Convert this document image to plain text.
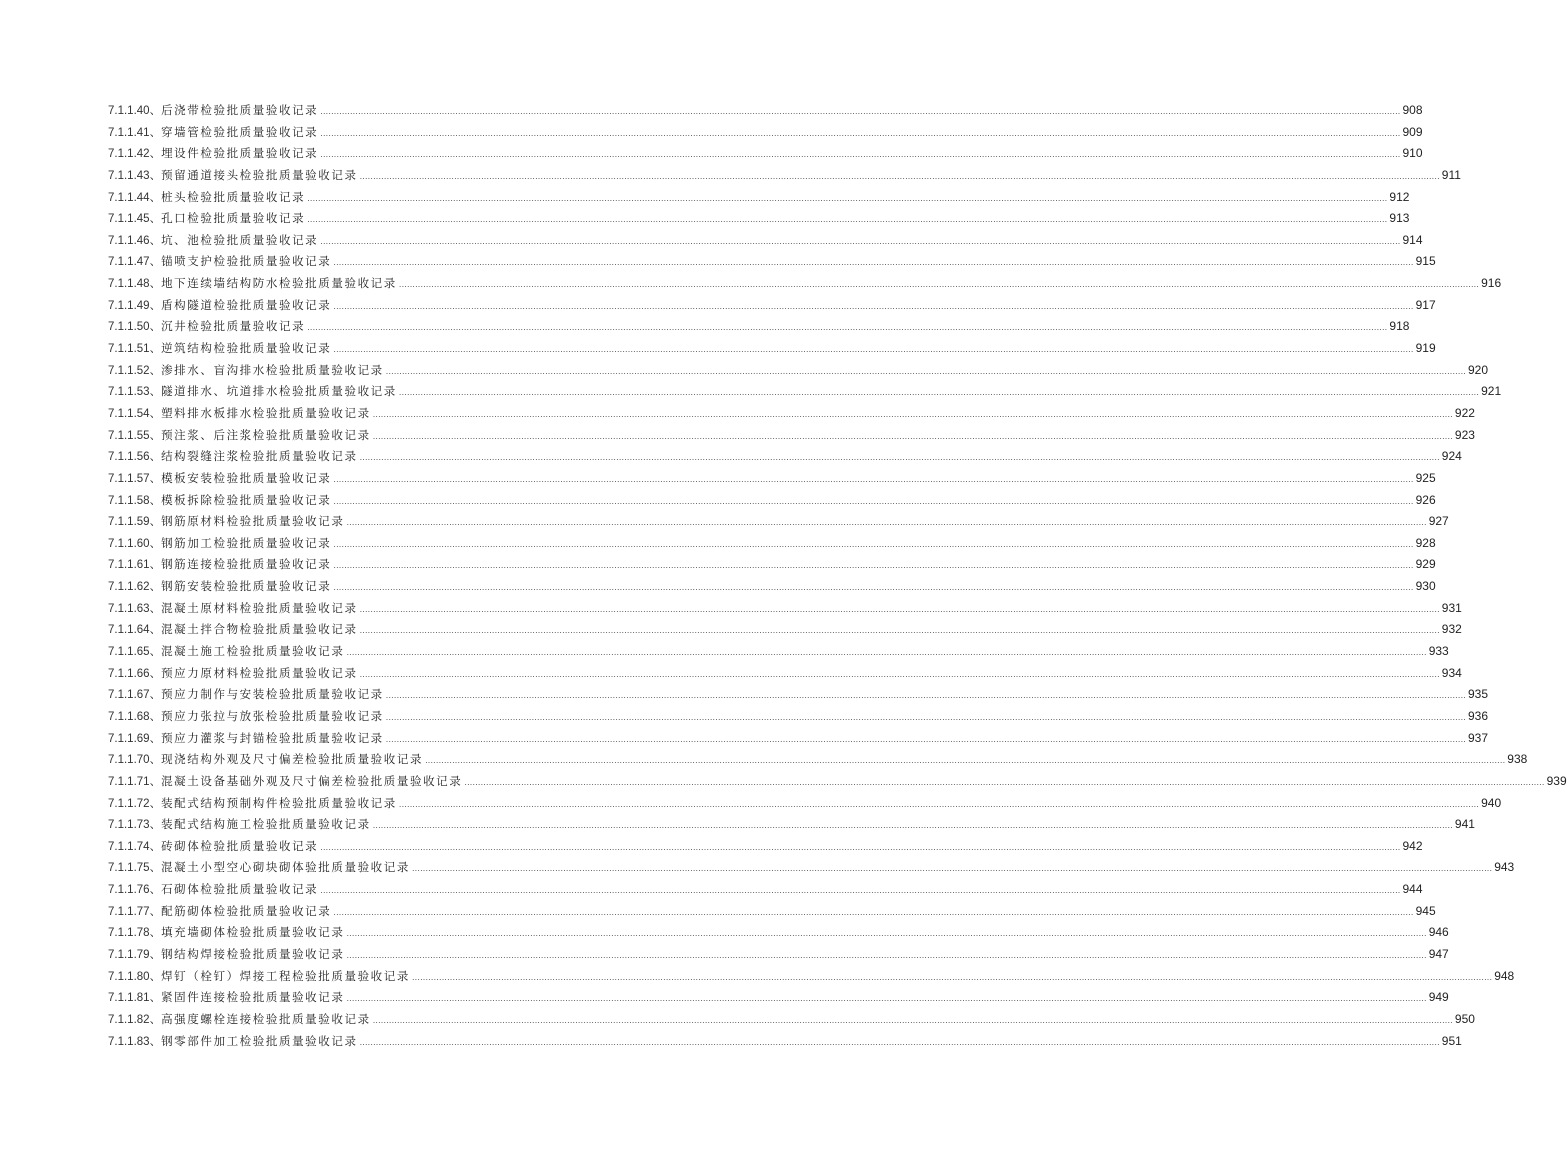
7.1.1.40、 后浇带检验批质量验收记录 ................................................................................................................................................................................................................................................................................................................................................................................................................ 908
7.1.1.41、 穿墙管检验批质量验收记录 ................................................................................................................................................................................................................................................................................................................................................................................................................ 909
7.1.1.42、 埋设件检验批质量验收记录 ................................................................................................................................................................................................................................................................................................................................................................................................................ 910
7.1.1.43、 预留通道接头检验批质量验收记录 ................................................................................................................................................................................................................................................................................................................................................................................................................ 911
7.1.1.44、 桩头检验批质量验收记录 ................................................................................................................................................................................................................................................................................................................................................................................................................ 912
7.1.1.45、 孔口检验批质量验收记录 ................................................................................................................................................................................................................................................................................................................................................................................................................ 913
7.1.1.46、 坑、池检验批质量验收记录 ................................................................................................................................................................................................................................................................................................................................................................................................................ 914
7.1.1.47、 锚喷支护检验批质量验收记录 ................................................................................................................................................................................................................................................................................................................................................................................................................ 915
7.1.1.48、 地下连续墙结构防水检验批质量验收记录 ................................................................................................................................................................................................................................................................................................................................................................................................................ 916
7.1.1.49、 盾构隧道检验批质量验收记录 ................................................................................................................................................................................................................................................................................................................................................................................................................ 917
7.1.1.50、 沉井检验批质量验收记录 ................................................................................................................................................................................................................................................................................................................................................................................................................ 918
7.1.1.51、 逆筑结构检验批质量验收记录 ................................................................................................................................................................................................................................................................................................................................................................................................................ 919
7.1.1.52、 渗排水、盲沟排水检验批质量验收记录 ................................................................................................................................................................................................................................................................................................................................................................................................................ 920
7.1.1.53、 隧道排水、坑道排水检验批质量验收记录 ................................................................................................................................................................................................................................................................................................................................................................................................................ 921
7.1.1.54、 塑料排水板排水检验批质量验收记录 ................................................................................................................................................................................................................................................................................................................................................................................................................ 922
7.1.1.55、 预注浆、后注浆检验批质量验收记录 ................................................................................................................................................................................................................................................................................................................................................................................................................ 923
7.1.1.56、 结构裂缝注浆检验批质量验收记录 ................................................................................................................................................................................................................................................................................................................................................................................................................ 924
7.1.1.57、 模板安装检验批质量验收记录 ................................................................................................................................................................................................................................................................................................................................................................................................................ 925
7.1.1.58、 模板拆除检验批质量验收记录 ................................................................................................................................................................................................................................................................................................................................................................................................................ 926
7.1.1.59、 钢筋原材料检验批质量验收记录 ................................................................................................................................................................................................................................................................................................................................................................................................................ 927
7.1.1.60、 钢筋加工检验批质量验收记录 ................................................................................................................................................................................................................................................................................................................................................................................................................ 928
7.1.1.61、 钢筋连接检验批质量验收记录 ................................................................................................................................................................................................................................................................................................................................................................................................................ 929
7.1.1.62、 钢筋安装检验批质量验收记录 ................................................................................................................................................................................................................................................................................................................................................................................................................ 930
7.1.1.63、 混凝土原材料检验批质量验收记录 ................................................................................................................................................................................................................................................................................................................................................................................................................ 931
7.1.1.64、 混凝土拌合物检验批质量验收记录 ................................................................................................................................................................................................................................................................................................................................................................................................................ 932
7.1.1.65、 混凝土施工检验批质量验收记录 ................................................................................................................................................................................................................................................................................................................................................................................................................ 933
7.1.1.66、 预应力原材料检验批质量验收记录 ................................................................................................................................................................................................................................................................................................................................................................................................................ 934
7.1.1.67、 预应力制作与安装检验批质量验收记录 ................................................................................................................................................................................................................................................................................................................................................................................................................ 935
7.1.1.68、 预应力张拉与放张检验批质量验收记录 ................................................................................................................................................................................................................................................................................................................................................................................................................ 936
7.1.1.69、 预应力灌浆与封锚检验批质量验收记录 ................................................................................................................................................................................................................................................................................................................................................................................................................ 937
7.1.1.70、 现浇结构外观及尺寸偏差检验批质量验收记录 ................................................................................................................................................................................................................................................................................................................................................................................................................ 938
7.1.1.71、 混凝土设备基础外观及尺寸偏差检验批质量验收记录 ................................................................................................................................................................................................................................................................................................................................................................................................................ 939
7.1.1.72、 装配式结构预制构件检验批质量验收记录 ................................................................................................................................................................................................................................................................................................................................................................................................................ 940
7.1.1.73、 装配式结构施工检验批质量验收记录 ................................................................................................................................................................................................................................................................................................................................................................................................................ 941
7.1.1.74、 砖砌体检验批质量验收记录 ................................................................................................................................................................................................................................................................................................................................................................................................................ 942
7.1.1.75、 混凝土小型空心砌块砌体验批质量验收记录 ................................................................................................................................................................................................................................................................................................................................................................................................................ 943
7.1.1.76、 石砌体检验批质量验收记录 ................................................................................................................................................................................................................................................................................................................................................................................................................ 944
7.1.1.77、 配筋砌体检验批质量验收记录 ................................................................................................................................................................................................................................................................................................................................................................................................................ 945
7.1.1.78、 填充墙砌体检验批质量验收记录 ................................................................................................................................................................................................................................................................................................................................................................................................................ 946
7.1.1.79、 钢结构焊接检验批质量验收记录 ................................................................................................................................................................................................................................................................................................................................................................................................................ 947
7.1.1.80、 焊钉（栓钉）焊接工程检验批质量验收记录 ................................................................................................................................................................................................................................................................................................................................................................................................................ 948
7.1.1.81、 紧固件连接检验批质量验收记录 ................................................................................................................................................................................................................................................................................................................................................................................................................ 949
7.1.1.82、 高强度螺栓连接检验批质量验收记录 ................................................................................................................................................................................................................................................................................................................................................................................................................ 950
7.1.1.83、 钢零部件加工检验批质量验收记录 ................................................................................................................................................................................................................................................................................................................................................................................................................ 951
